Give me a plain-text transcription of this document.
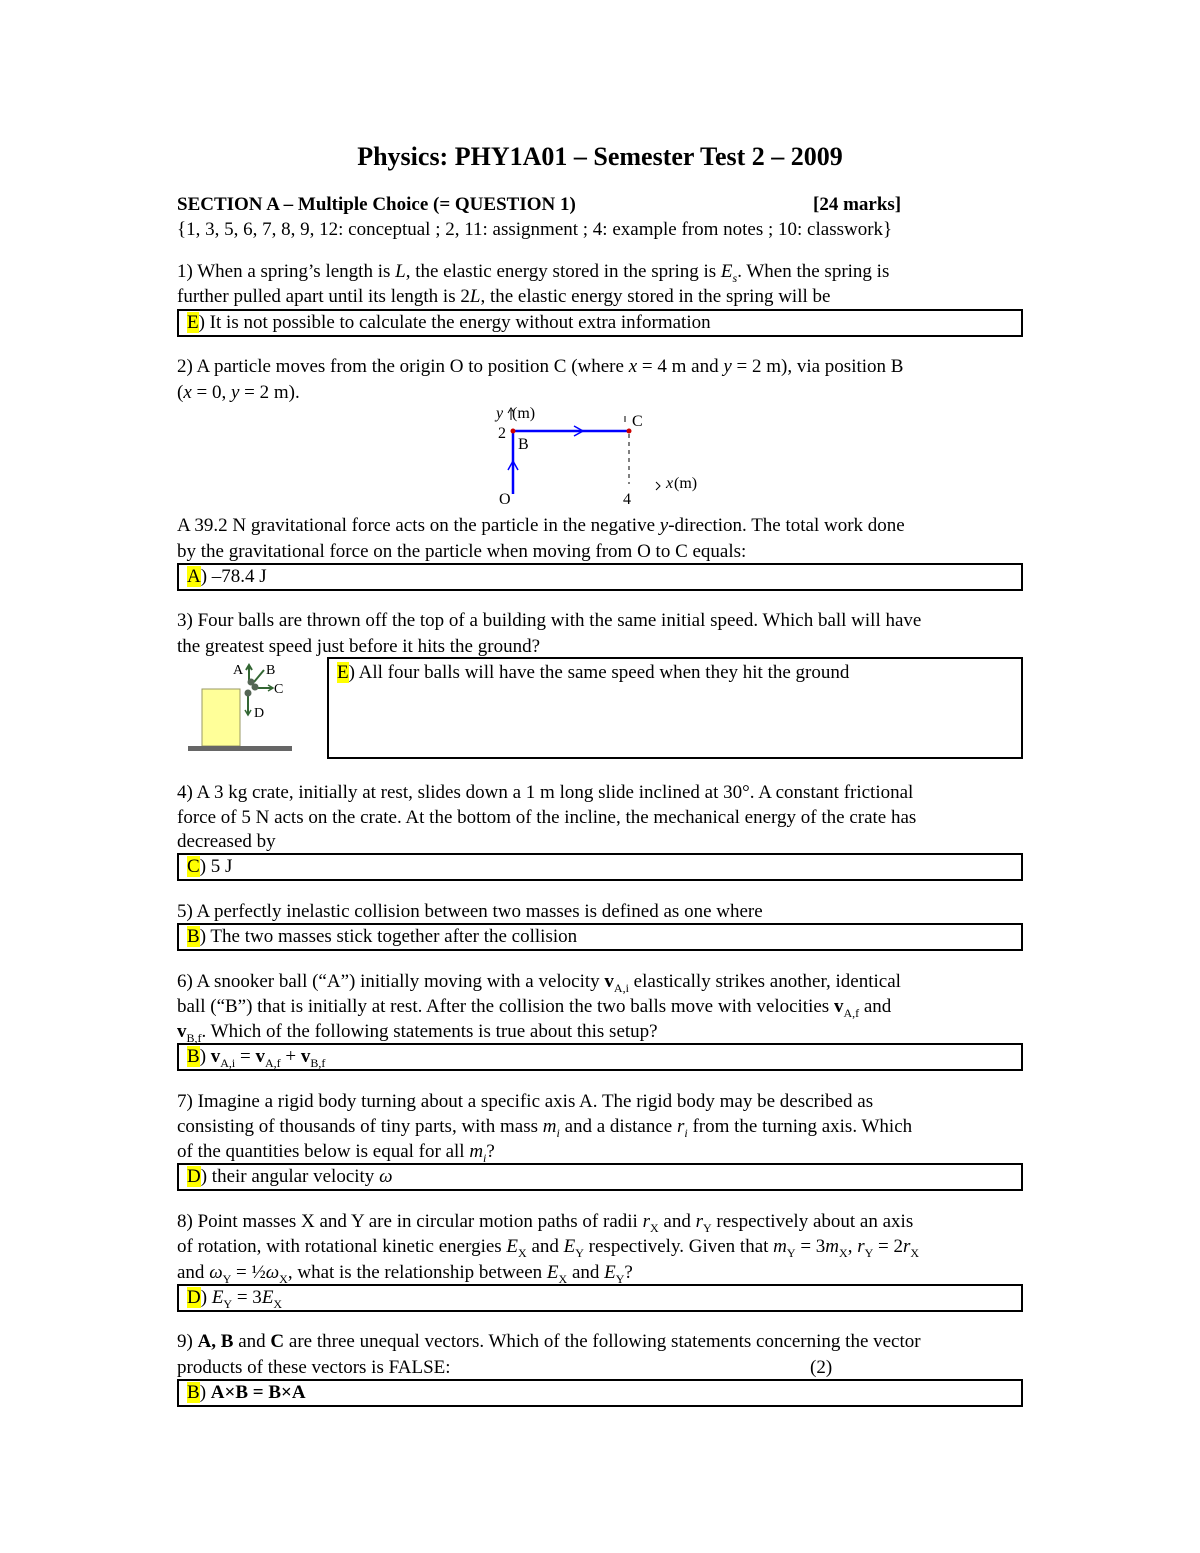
Physics: PHY1A01 – Semester Test 2 – 2009
SECTION A – Multiple Choice (= QUESTION 1)	[24 marks]
{1, 3, 5, 6, 7, 8, 9, 12: conceptual ; 2, 11: assignment ; 4: example from notes ; 10: classwork}
1) When a spring’s length is L, the elastic energy stored in the spring is $E_s$. When the spring is
further pulled apart until its length is 2L, the elastic energy stored in the spring will be
E) It is not possible to calculate the energy without extra information
2) A particle moves from the origin O to position C (where x = 4 m and y = 2 m), via position B
(x = 0, y = 2 m).
y (m)
2
B
C
O	4
x (m)
A 39.2 N gravitational force acts on the particle in the negative y-direction. The total work done
by the gravitational force on the particle when moving from O to C equals:
A) –78.4 J
3) Four balls are thrown off the top of a building with the same initial speed. Which ball will have
the greatest speed just before it hits the ground?
A B
C
D
E) All four balls will have the same speed when they hit the ground
4) A 3 kg crate, initially at rest, slides down a 1 m long slide inclined at 30°. A constant frictional
force of 5 N acts on the crate. At the bottom of the incline, the mechanical energy of the crate has
decreased by
C) 5 J
5) A perfectly inelastic collision between two masses is defined as one where
B) The two masses stick together after the collision
6) A snooker ball (“A”) initially moving with a velocity $v_{A,i}$ elastically strikes another, identical
ball (“B”) that is initially at rest. After the collision the two balls move with velocities $v_{A,f}$ and
$v_{B,f}$. Which of the following statements is true about this setup?
B) $v_{A,i} = v_{A,f} + v_{B,f}$
7) Imagine a rigid body turning about a specific axis A. The rigid body may be described as
consisting of thousands of tiny parts, with mass $m_i$ and a distance $r_i$ from the turning axis. Which
of the quantities below is equal for all $m_i$?
D) their angular velocity ω
8) Point masses X and Y are in circular motion paths of radii $r_X$ and $r_Y$ respectively about an axis
of rotation, with rotational kinetic energies $E_X$ and $E_Y$ respectively. Given that $m_Y = 3m_X$, $r_Y = 2r_X$
and $\omega_Y$ = $\frac{1}{2}\omega_X$, what is the relationship between $E_X$ and $E_Y$?
D) $E_Y = 3E_X$
9) A, B and C are three unequal vectors. Which of the following statements concerning the vector
products of these vectors is FALSE:	(2)
B) A×B = B×A
